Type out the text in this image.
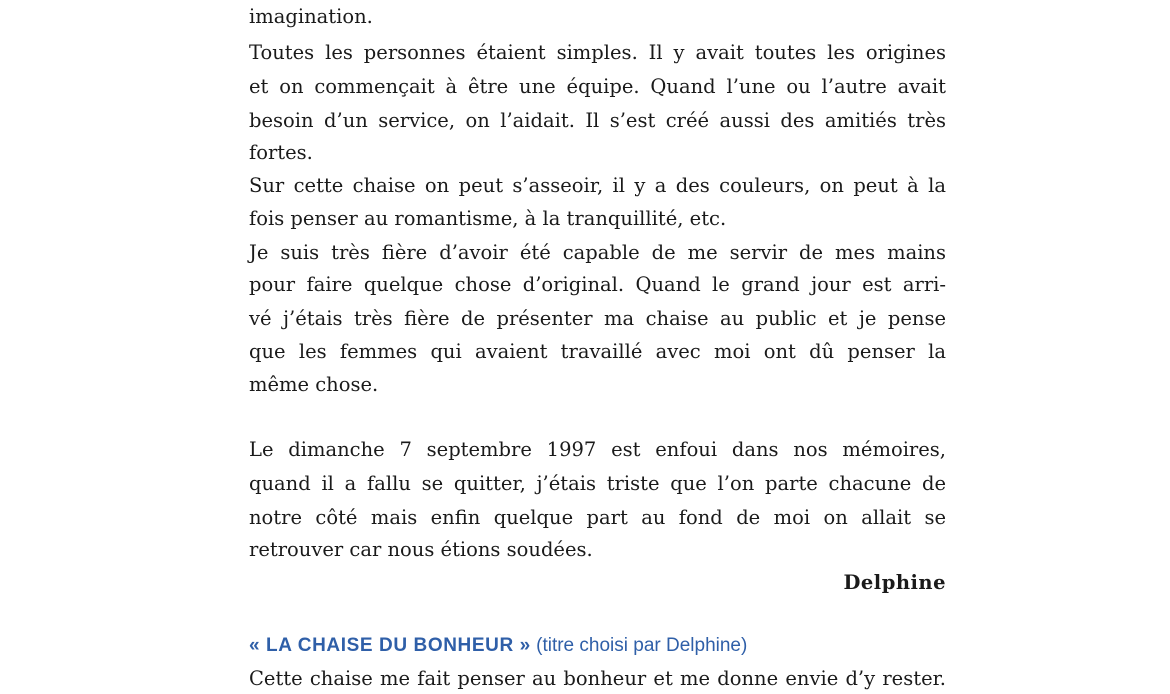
imagination.
Toutes les personnes étaient simples. Il y avait toutes les origines
et on commençait à être une équipe. Quand l’une ou l’autre avait
besoin d’un service, on l’aidait. Il s’est créé aussi des amitiés très
fortes.
Sur cette chaise on peut s’asseoir, il y a des couleurs, on peut à la
fois penser au romantisme, à la tranquillité, etc.
Je suis très fière d’avoir été capable de me servir de mes mains
pour faire quelque chose d’original. Quand le grand jour est arri-
vé j’étais très fière de présenter ma chaise au public et je pense
que les femmes qui avaient travaillé avec moi ont dû penser la
même chose.
Le dimanche 7 septembre 1997 est enfoui dans nos mémoires,
quand il a fallu se quitter, j’étais triste que l’on parte chacune de
notre côté mais enfin quelque part au fond de moi on allait se
retrouver car nous étions soudées.
Delphine
« LA CHAISE DU BONHEUR » (titre choisi par Delphine)
Cette chaise me fait penser au bonheur et me donne envie d’y rester.
